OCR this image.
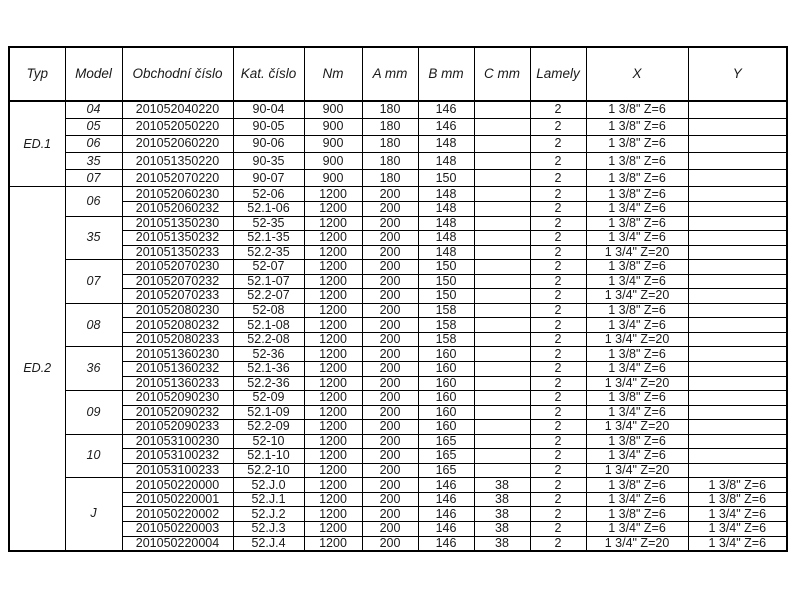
Typ	Model	Obchodní číslo	Kat. číslo	Nm	A mm	B mm	C mm	Lamely	X	Y
ED.1	04	201052040220	90-04	900	180	146		2	1 3/8" Z=6	
	05	201052050220	90-05	900	180	146		2	1 3/8" Z=6	
	06	201052060220	90-06	900	180	148		2	1 3/8" Z=6	
	35	201051350220	90-35	900	180	148		2	1 3/8" Z=6	
	07	201052070220	90-07	900	180	150		2	1 3/8" Z=6	
ED.2	06	201052060230	52-06	1200	200	148		2	1 3/8" Z=6	
		201052060232	52.1-06	1200	200	148		2	1 3/4" Z=6	
	35	201051350230	52-35	1200	200	148		2	1 3/8" Z=6	
		201051350232	52.1-35	1200	200	148		2	1 3/4" Z=6	
		201051350233	52.2-35	1200	200	148		2	1 3/4" Z=20	
	07	201052070230	52-07	1200	200	150		2	1 3/8" Z=6	
		201052070232	52.1-07	1200	200	150		2	1 3/4" Z=6	
		201052070233	52.2-07	1200	200	150		2	1 3/4" Z=20	
	08	201052080230	52-08	1200	200	158		2	1 3/8" Z=6	
		201052080232	52.1-08	1200	200	158		2	1 3/4" Z=6	
		201052080233	52.2-08	1200	200	158		2	1 3/4" Z=20	
	36	201051360230	52-36	1200	200	160		2	1 3/8" Z=6	
		201051360232	52.1-36	1200	200	160		2	1 3/4" Z=6	
		201051360233	52.2-36	1200	200	160		2	1 3/4" Z=20	
	09	201052090230	52-09	1200	200	160		2	1 3/8" Z=6	
		201052090232	52.1-09	1200	200	160		2	1 3/4" Z=6	
		201052090233	52.2-09	1200	200	160		2	1 3/4" Z=20	
	10	201053100230	52-10	1200	200	165		2	1 3/8" Z=6	
		201053100232	52.1-10	1200	200	165		2	1 3/4" Z=6	
		201053100233	52.2-10	1200	200	165		2	1 3/4" Z=20	
	J	201050220000	52.J.0	1200	200	146	38	2	1 3/8" Z=6	1 3/8" Z=6
		201050220001	52.J.1	1200	200	146	38	2	1 3/4" Z=6	1 3/8" Z=6
		201050220002	52.J.2	1200	200	146	38	2	1 3/8" Z=6	1 3/4" Z=6
		201050220003	52.J.3	1200	200	146	38	2	1 3/4" Z=6	1 3/4" Z=6
		201050220004	52.J.4	1200	200	146	38	2	1 3/4" Z=20	1 3/4" Z=6
